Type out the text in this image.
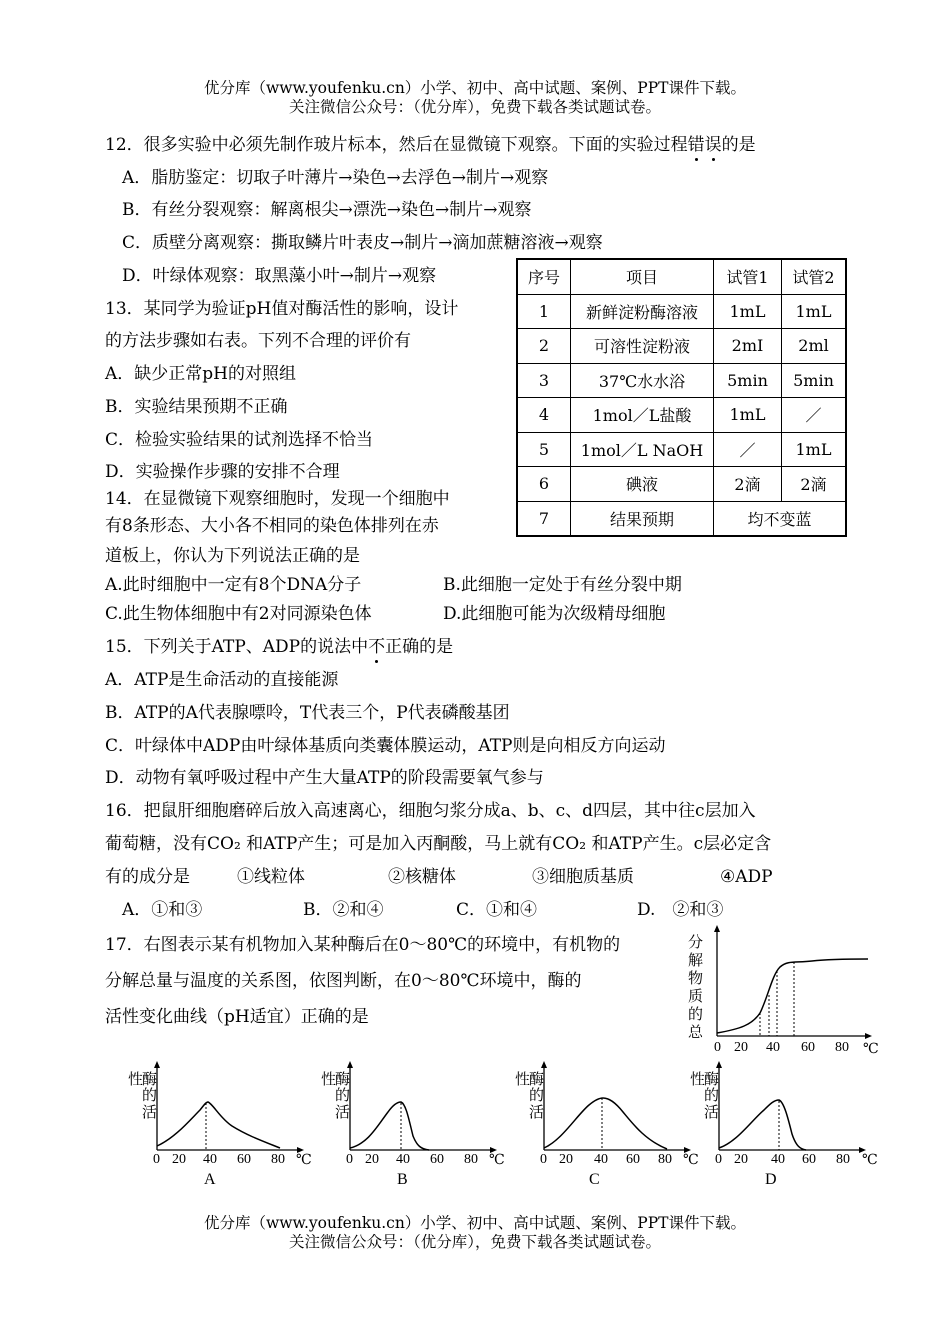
优分库（www.youfenku.cn）小学、初中、高中试题、案例、PPT课件下载。
关注微信公众号：（优分库），免费下载各类试题试卷。
12．很多实验中必须先制作玻片标本，然后在显微镜下观察。下面的实验过程错误的是
A．脂肪鉴定：切取子叶薄片→染色→去浮色→制片→观察
B．有丝分裂观察：解离根尖→漂洗→染色→制片→观察
C．质壁分离观察：撕取鳞片叶表皮→制片→滴加蔗糖溶液→观察
D．叶绿体观察：取黑藻小叶→制片→观察
13．某同学为验证pH值对酶活性的影响，设计
的方法步骤如右表。下列不合理的评价有
A．缺少正常pH的对照组
B．实验结果预期不正确
C．检验实验结果的试剂选择不恰当
D．实验操作步骤的安排不合理
序号	项目	试管1	试管2
1	新鲜淀粉酶溶液	1mL	1mL
2	可溶性淀粉液	2mI	2ml
3	37℃水水浴	5min	5min
4	1mol／L盐酸	1mL	／
5	1mol／L NaOH	／	1mL
6	碘液	2滴	2滴
7	结果预期	均不变蓝	
14．在显微镜下观察细胞时，发现一个细胞中
有8条形态、大小各不相同的染色体排列在赤
道板上，你认为下列说法正确的是
A.此时细胞中一定有8个DNA分子	B.此细胞一定处于有丝分裂中期
C.此生物体细胞中有2对同源染色体	D.此细胞可能为次级精母细胞
15．下列关于ATP、ADP的说法中不正确的是
A．ATP是生命活动的直接能源
B．ATP的A代表腺嘌呤，T代表三个，P代表磷酸基团
C．叶绿体中ADP由叶绿体基质向类囊体膜运动，ATP则是向相反方向运动
D．动物有氧呼吸过程中产生大量ATP的阶段需要氧气参与
16．把鼠肝细胞磨碎后放入高速离心，细胞匀浆分成a、b、c、d四层，其中往c层加入
葡萄糖，没有CO₂ 和ATP产生；可是加入丙酮酸，马上就有CO₂ 和ATP产生。c层必定含
有的成分是	①线粒体	②核糖体	③细胞质基质	④ADP
A．①和③	B．②和④	C．①和④	D.　②和③
17．右图表示某有机物加入某种酶后在0～80℃的环境中，有机物的
分解总量与温度的关系图，依图判断，在0～80℃环境中，酶的
活性变化曲线（pH适宜）正确的是
分
解
物
质
的
总
0 20 40 60 80 ℃
性
酶
的
活
0 20 40 60 80 ℃
A
性
酶
的
活
0 20 40 60 80 ℃
B
性
酶
的
活
0 20 40 60 80 ℃
C
性
酶
的
活
0 20 40 60 80 ℃
D
优分库（www.youfenku.cn）小学、初中、高中试题、案例、PPT课件下载。
关注微信公众号：（优分库），免费下载各类试题试卷。
